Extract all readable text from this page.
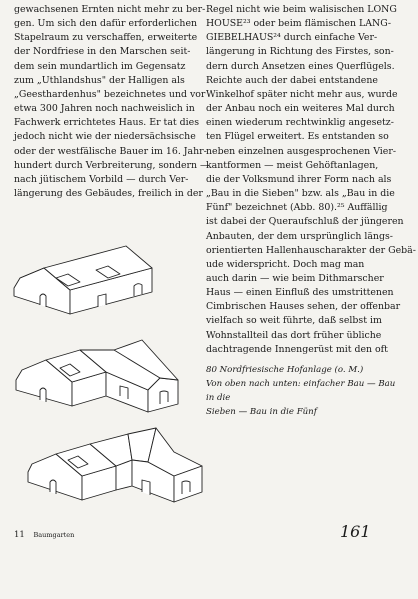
gewachsenen Ernten nicht mehr zu ber-
gen. Um sich den dafür erforderlichen
Stapelraum zu verschaffen, erweiterte
der Nordfriese in den Marschen seit-
dem sein mundartlich im Gegensatz
zum „Uthlandshus" der Halligen als
„Geesthardenhus" bezeichnetes und vor
etwa 300 Jahren noch nachweislich in
Fachwerk errichtetes Haus. Er tat dies
jedoch nicht wie der niedersächsische
oder der westfälische Bauer im 16. Jahr-
hundert durch Verbreiterung, sondern —
nach jütischem Vorbild — durch Ver-
längerung des Gebäudes, freilich in der
Regel nicht wie beim walisischen LONG
HOUSE²³ oder beim flämischen LANG-
GIEBELHAUS²⁴ durch einfache Ver-
längerung in Richtung des Firstes, son-
dern durch Ansetzen eines Querflügels.
Reichte auch der dabei entstandene
Winkelhof später nicht mehr aus, wurde
der Anbau noch ein weiteres Mal durch
einen wiederum rechtwinklig angesetz-
ten Flügel erweitert. Es entstanden so
neben einzelnen ausgesprochenen Vier-
kantformen — meist Gehöftanlagen,
die der Volksmund ihrer Form nach als
„Bau in die Sieben" bzw. als „Bau in die
Fünf" bezeichnet (Abb. 80).²⁵ Auffällig
ist dabei der Queraufschluß der jüngeren
Anbauten, der dem ursprünglich längs-
orientierten Hallenhauscharakter der Gebä-
ude widerspricht. Doch mag man
auch darin — wie beim Dithmarscher
Haus — einen Einfluß des umstrittenen
Cimbrischen Hauses sehen, der offenbar
vielfach so weit führte, daß selbst im
Wohnstallteil das dort früher übliche
dachtragende Innengerüst mit den oft
80 Nordfriesische Hofanlage (o. M.)
Von oben nach unten: einfacher Bau — Bau in die
Sieben — Bau in die Fünf
11 Baumgarten	161
